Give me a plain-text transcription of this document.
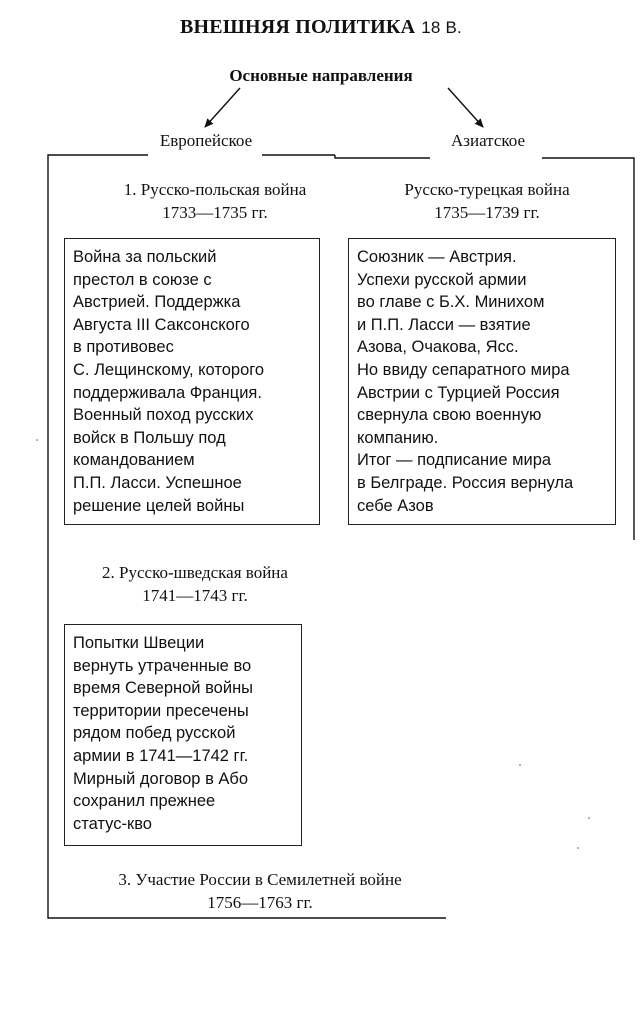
ВНЕШНЯЯ ПОЛИТИКА 18 В.
Основные направления
Европейское	Азиатское
1. Русско-польская война
1733—1735 гг.
Война за польский
престол в союзе с
Австрией. Поддержка
Августа III Саксонского
в противовес
С. Лещинскому, которого
поддерживала Франция.
Военный поход русских
войск в Польшу под
командованием
П.П. Ласси. Успешное
решение целей войны
Русско-турецкая война
1735—1739 гг.
Союзник — Австрия.
Успехи русской армии
во главе с Б.Х. Минихом
и П.П. Ласси — взятие
Азова, Очакова, Ясс.
Но ввиду сепаратного мира
Австрии с Турцией Россия
свернула свою военную
компанию.
Итог — подписание мира
в Белграде. Россия вернула
себе Азов
2. Русско-шведская война
1741—1743 гг.
Попытки Швеции
вернуть утраченные во
время Северной войны
территории пресечены
рядом побед русской
армии в 1741—1742 гг.
Мирный договор в Або
сохранил прежнее
статус-кво
3. Участие России в Семилетней войне
1756—1763 гг.
